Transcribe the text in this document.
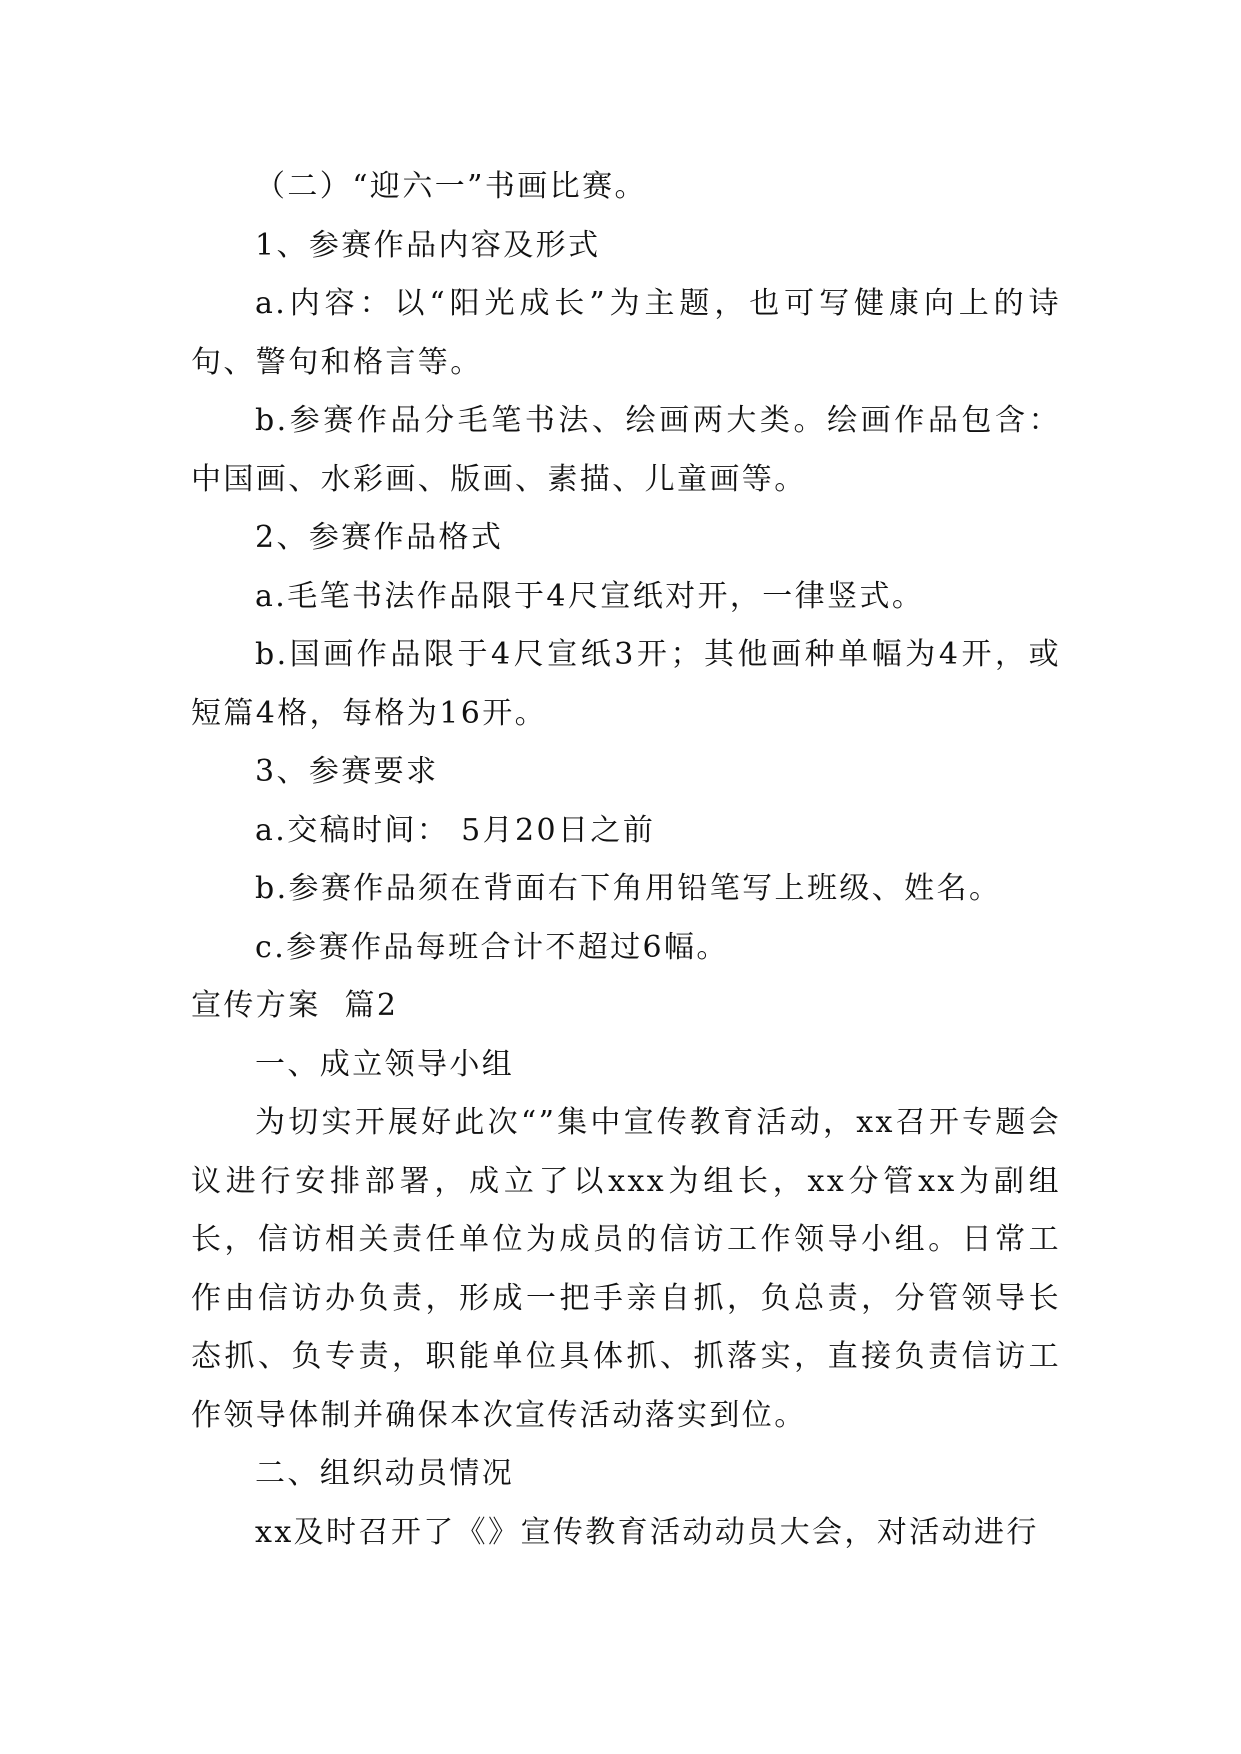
（二）“迎六一”书画比赛。

1、参赛作品内容及形式

a.内容：以“阳光成长”为主题，也可写健康向上的诗句、警句和格言等。

b.参赛作品分毛笔书法、绘画两大类。绘画作品包含：中国画、水彩画、版画、素描、儿童画等。

2、参赛作品格式

a.毛笔书法作品限于4尺宣纸对开，一律竖式。

b.国画作品限于4尺宣纸3开；其他画种单幅为4开，或短篇4格，每格为16开。

3、参赛要求

a.交稿时间： 5月20日之前

b.参赛作品须在背面右下角用铅笔写上班级、姓名。

c.参赛作品每班合计不超过6幅。

宣传方案  篇2

一、成立领导小组

为切实开展好此次“”集中宣传教育活动，xx召开专题会议进行安排部署，成立了以xxx为组长，xx分管xx为副组长，信访相关责任单位为成员的信访工作领导小组。日常工作由信访办负责，形成一把手亲自抓，负总责，分管领导长态抓、负专责，职能单位具体抓、抓落实，直接负责信访工作领导体制并确保本次宣传活动落实到位。

二、组织动员情况

xx及时召开了《》宣传教育活动动员大会，对活动进行
